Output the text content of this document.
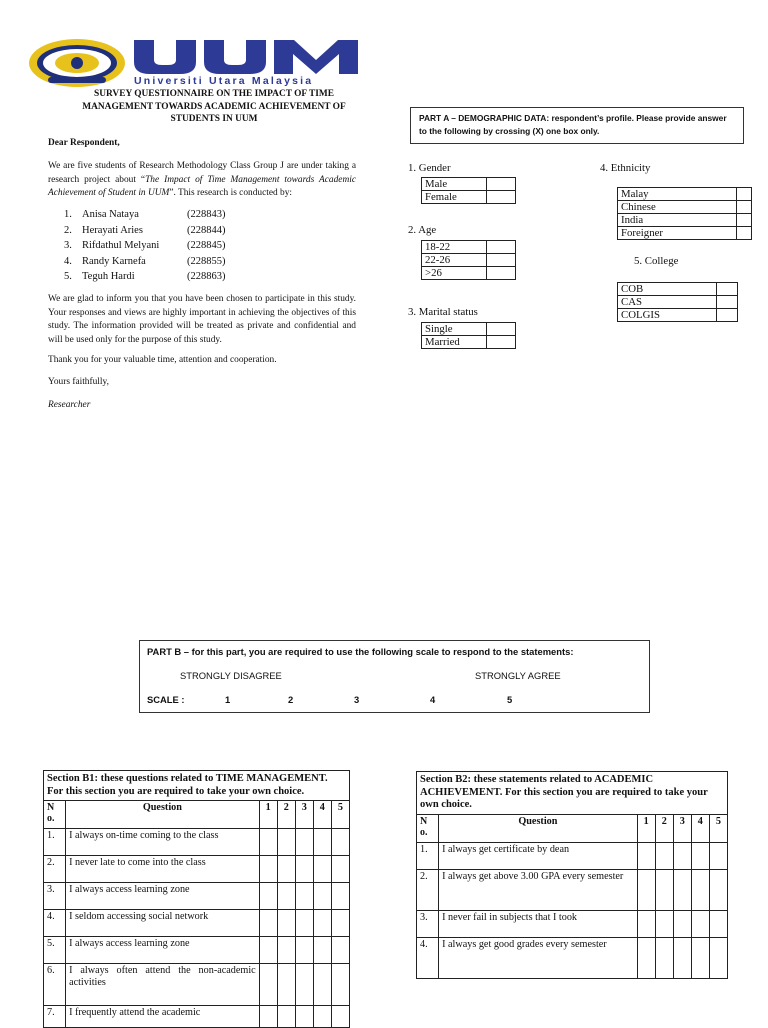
Universiti Utara Malaysia
SURVEY QUESTIONNAIRE ON THE IMPACT OF TIME
MANAGEMENT TOWARDS ACADEMIC ACHIEVEMENT OF
STUDENTS IN UUM
Dear Respondent,
We are five students of Research Methodology Class Group J are under taking a research project about “The Impact of Time Management towards Academic Achievement of Student in UUM”. This research is conducted by:
1. Anisa Nataya	(228843)
2. Herayati Aries	(228844)
3. Rifdathul Melyani	(228845)
4. Randy Karnefa	(228855)
5. Teguh Hardi	(228863)
We are glad to inform you that you have been chosen to participate in this study. Your responses and views are highly important in achieving the objectives of this study. The information provided will be treated as private and confidential and will be used only for the purpose of this study.
Thank you for your valuable time, attention and cooperation.
Yours faithfully,
Researcher
PART A – DEMOGRAPHIC DATA: respondent’s profile. Please provide answer to the following by crossing (X) one box only.
1. Gender
Male	
Female	
2. Age
18-22	
22-26	
>26	
3. Marital status
Single	
Married	
4. Ethnicity
Malay	
Chinese	
India	
Foreigner	
5. College
COB	
CAS	
COLGIS	
PART B – for this part, you are required to use the following scale to respond to the statements:
STRONGLY DISAGREE	STRONGLY AGREE
SCALE :	1	2	3	4	5
Section B1: these questions related to TIME MANAGEMENT. For this section you are required to take your own choice.						
N o.	Question	1	2	3	4	5
1.	I always on-time coming to the class					
2.	I never late to come into the class					
3.	I always access learning zone					
4.	I seldom accessing social network					
5.	I always access learning zone					
6.	I always often attend the non-academic activities					
7.	I frequently attend the academic					
Section B2: these statements related to ACADEMIC ACHIEVEMENT. For this section you are required to take your own choice.						
N o.	Question	1	2	3	4	5
1.	I always get certificate by dean					
2.	I always get above 3.00 GPA every semester					
3.	I never fail in subjects that I took					
4.	I always get good grades every semester					
